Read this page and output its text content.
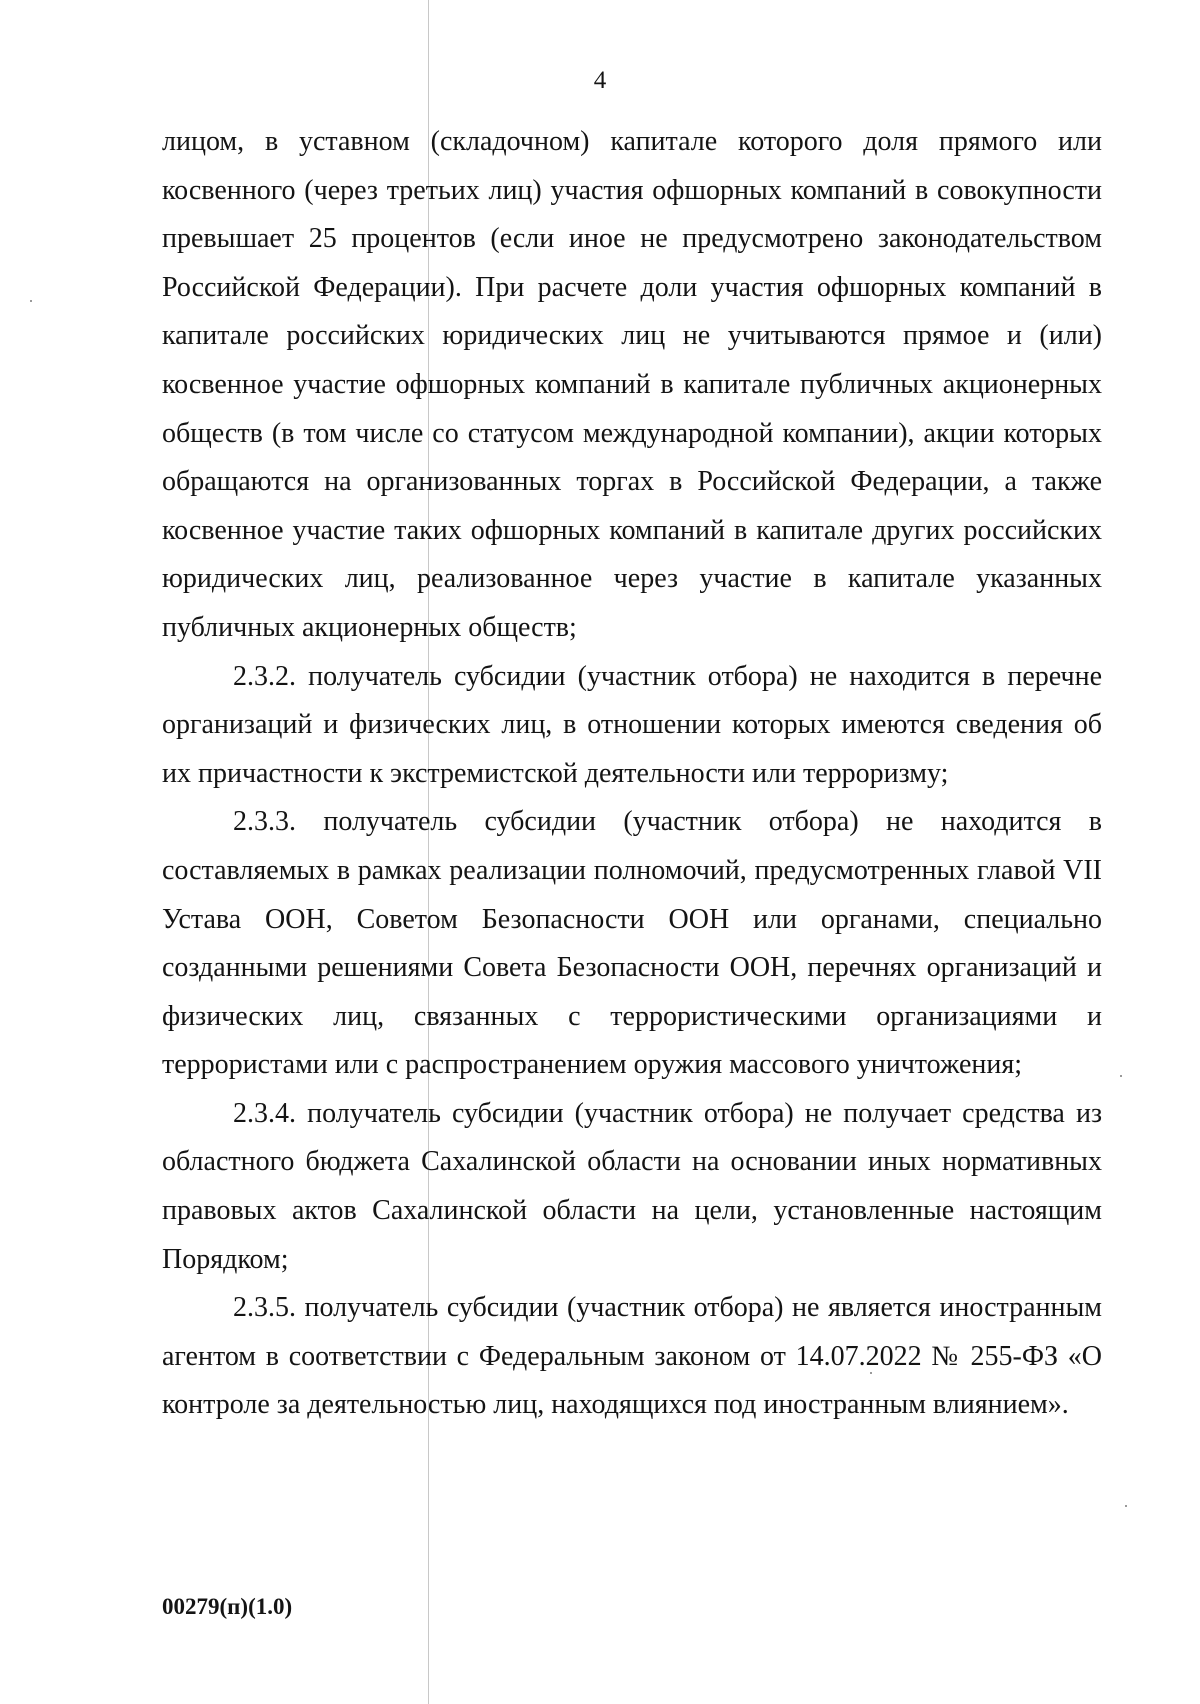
4

лицом, в уставном (складочном) капитале которого доля прямого или косвенного (через третьих лиц) участия офшорных компаний в совокупности превышает 25 процентов (если иное не предусмотрено законодательством Российской Федерации). При расчете доли участия офшорных компаний в капитале российских юридических лиц не учитываются прямое и (или) косвенное участие офшорных компаний в капитале публичных акционерных обществ (в том числе со статусом международной компании), акции которых обращаются на организованных торгах в Российской Федерации, а также косвенное участие таких офшорных компаний в капитале других российских юридических лиц, реализованное через участие в капитале указанных публичных акционерных обществ;

2.3.2. получатель субсидии (участник отбора) не находится в перечне организаций и физических лиц, в отношении которых имеются сведения об их причастности к экстремистской деятельности или терроризму;

2.3.3. получатель субсидии (участник отбора) не находится в составляемых в рамках реализации полномочий, предусмотренных главой VII Устава ООН, Советом Безопасности ООН или органами, специально созданными решениями Совета Безопасности ООН, перечнях организаций и физических лиц, связанных с террористическими организациями и террористами или с распространением оружия массового уничтожения;

2.3.4. получатель субсидии (участник отбора) не получает средства из областного бюджета Сахалинской области на основании иных нормативных правовых актов Сахалинской области на цели, установленные настоящим Порядком;

2.3.5. получатель субсидии (участник отбора) не является иностранным агентом в соответствии с Федеральным законом от 14.07.2022 № 255-ФЗ «О контроле за деятельностью лиц, находящихся под иностранным влиянием».

00279(п)(1.0)
